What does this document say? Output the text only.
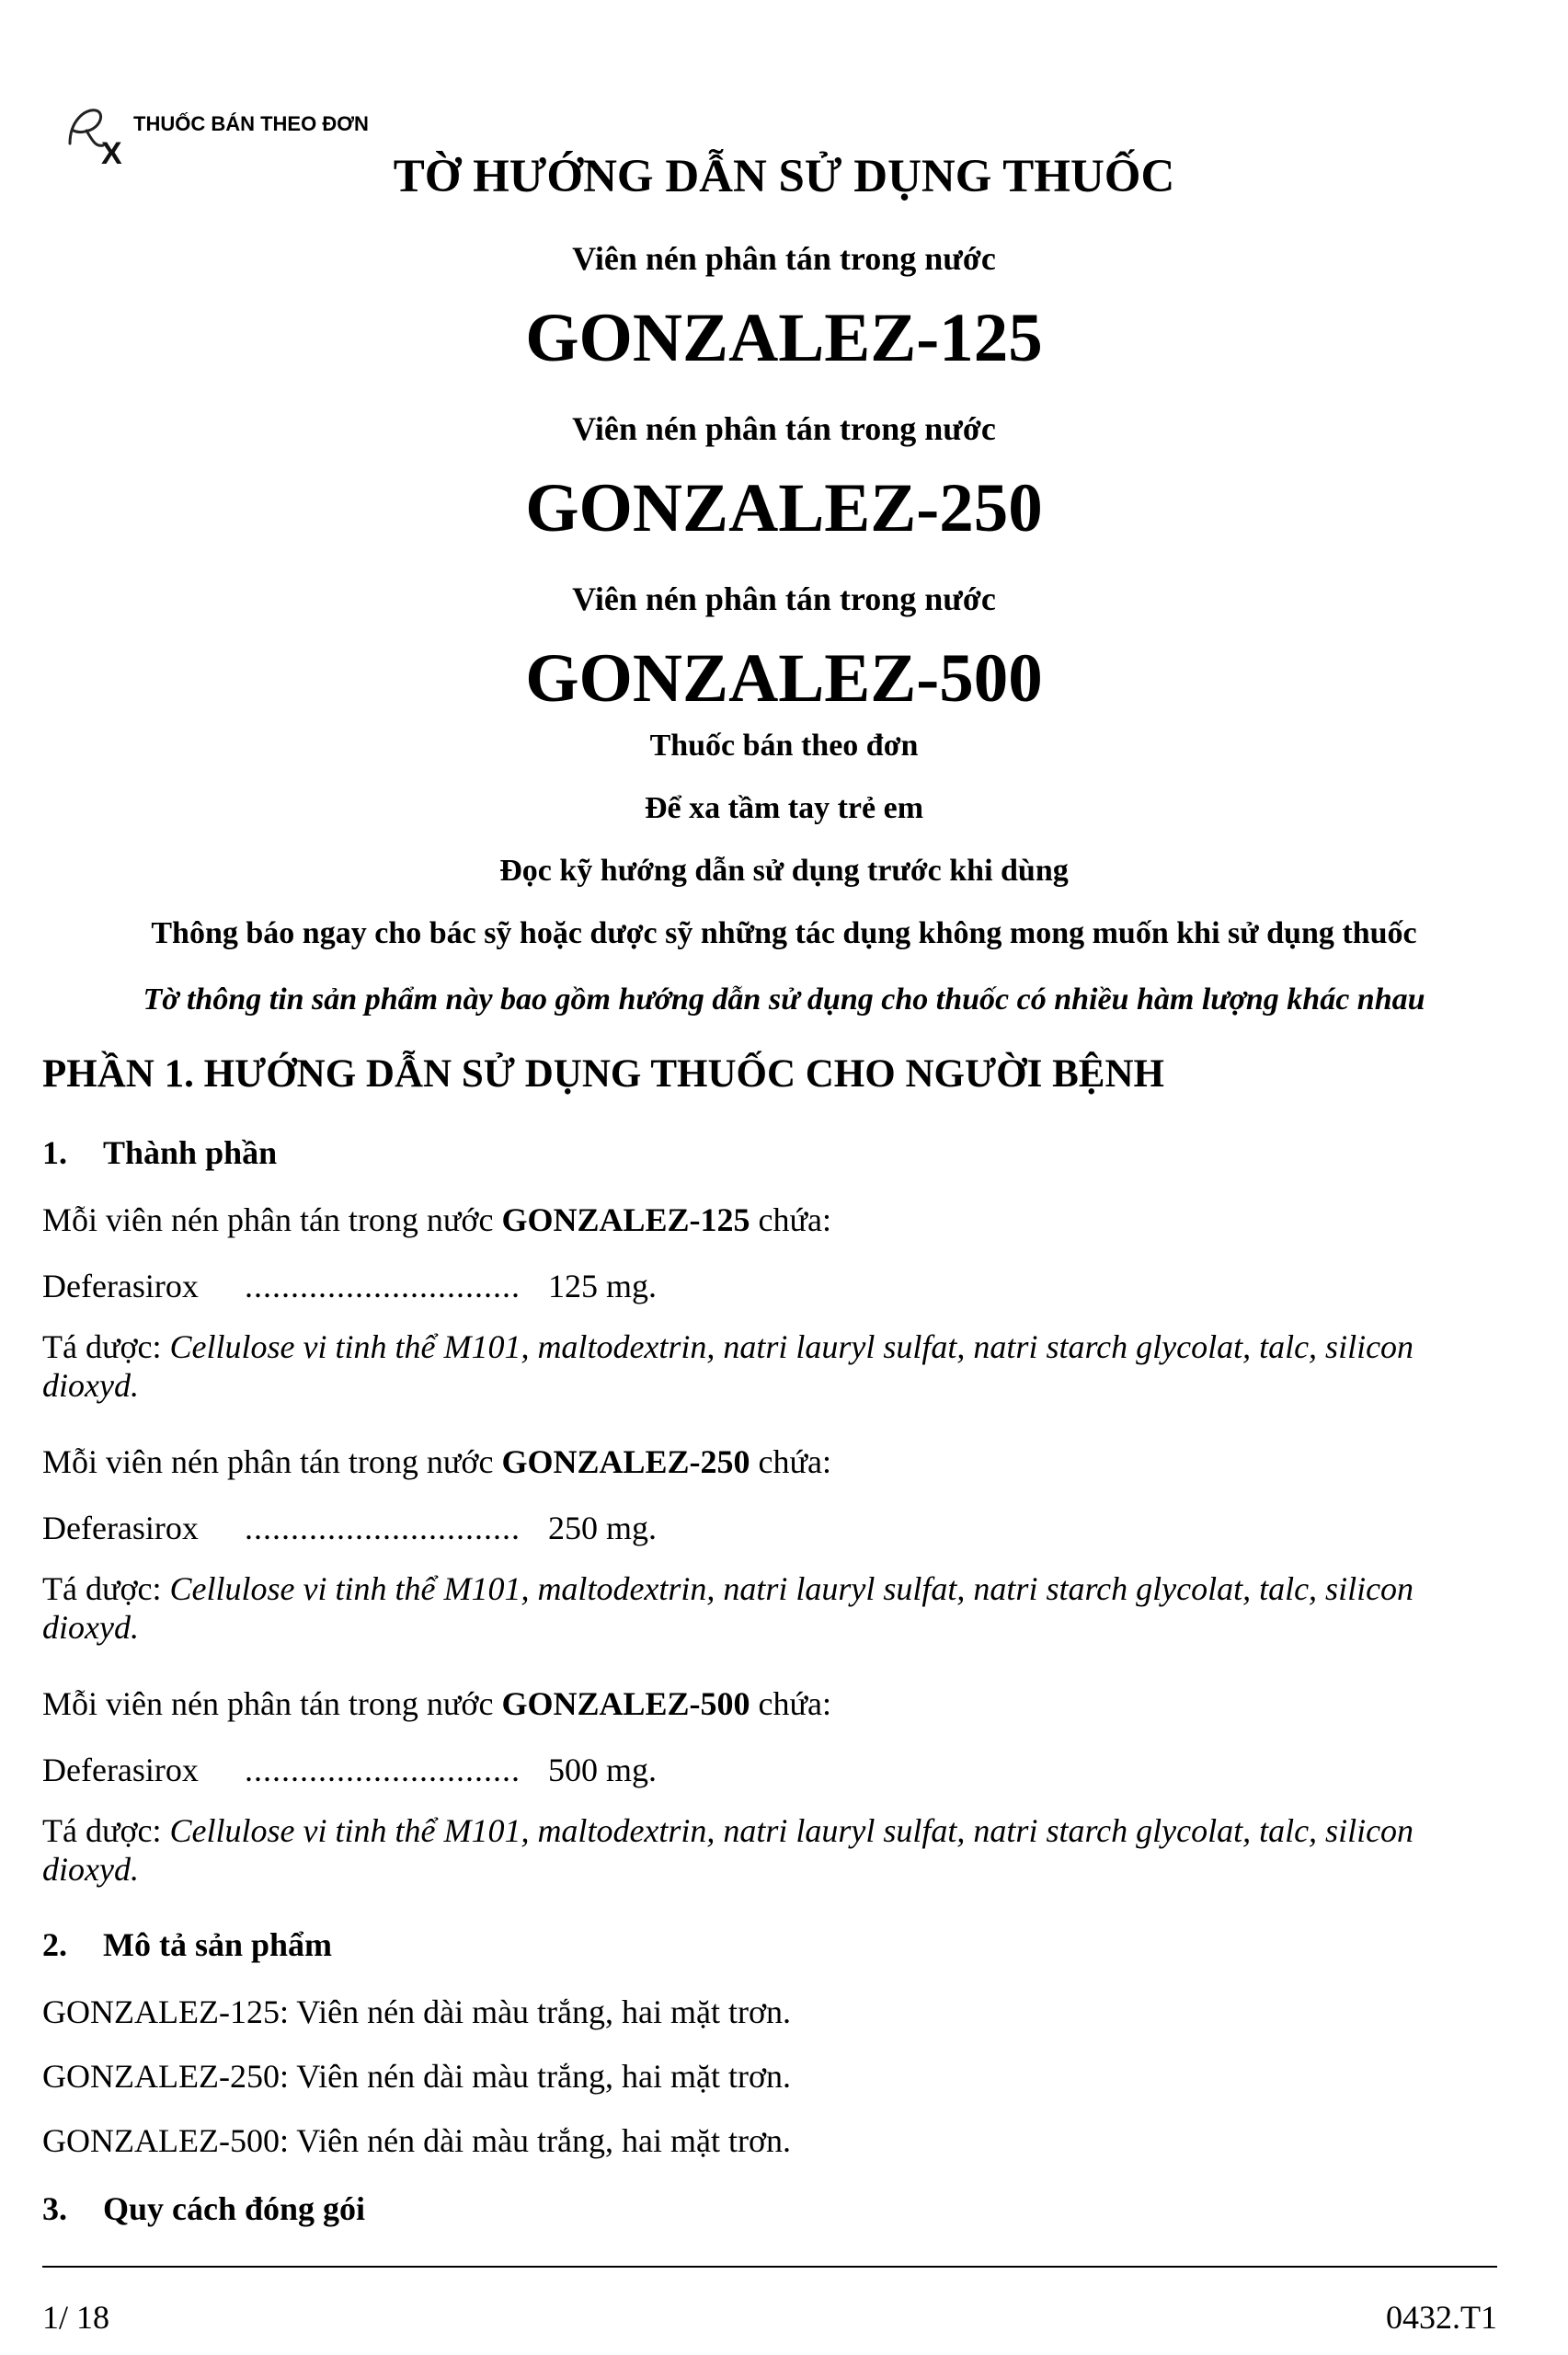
X
THUỐC BÁN THEO ĐƠN
TỜ HƯỚNG DẪN SỬ DỤNG THUỐC
Viên nén phân tán trong nước
GONZALEZ-125
Viên nén phân tán trong nước
GONZALEZ-250
Viên nén phân tán trong nước
GONZALEZ-500
Thuốc bán theo đơn
Để xa tầm tay trẻ em
Đọc kỹ hướng dẫn sử dụng trước khi dùng
Thông báo ngay cho bác sỹ hoặc dược sỹ những tác dụng không mong muốn khi sử dụng thuốc
Tờ thông tin sản phẩm này bao gồm hướng dẫn sử dụng cho thuốc có nhiều hàm lượng khác nhau
PHẦN 1. HƯỚNG DẪN SỬ DỤNG THUỐC CHO NGƯỜI BỆNH
1. Thành phần
Mỗi viên nén phân tán trong nước GONZALEZ-125 chứa:
Deferasirox .............................. 125 mg.
Tá dược: Cellulose vi tinh thể M101, maltodextrin, natri lauryl sulfat, natri starch glycolat, talc, silicon dioxyd.
Mỗi viên nén phân tán trong nước GONZALEZ-250 chứa:
Deferasirox .............................. 250 mg.
Tá dược: Cellulose vi tinh thể M101, maltodextrin, natri lauryl sulfat, natri starch glycolat, talc, silicon dioxyd.
Mỗi viên nén phân tán trong nước GONZALEZ-500 chứa:
Deferasirox .............................. 500 mg.
Tá dược: Cellulose vi tinh thể M101, maltodextrin, natri lauryl sulfat, natri starch glycolat, talc, silicon dioxyd.
2. Mô tả sản phẩm
GONZALEZ-125: Viên nén dài màu trắng, hai mặt trơn.
GONZALEZ-250: Viên nén dài màu trắng, hai mặt trơn.
GONZALEZ-500: Viên nén dài màu trắng, hai mặt trơn.
3. Quy cách đóng gói
1/ 18	0432.T1
